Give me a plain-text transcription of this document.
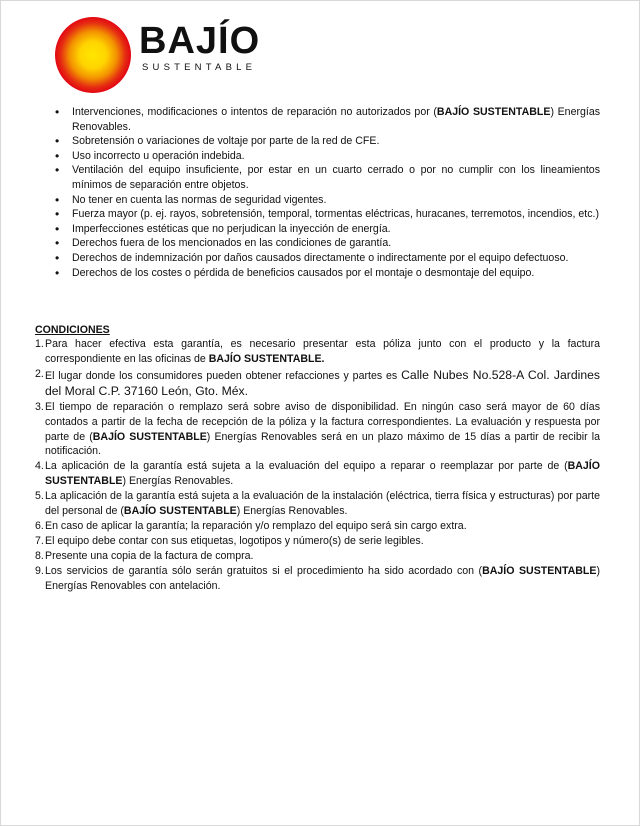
BAJÍO
SUSTENTABLE
• Intervenciones, modificaciones o intentos de reparación no autorizados por (BAJÍO SUSTENTABLE) Energías Renovables.
• Sobretensión o variaciones de voltaje por parte de la red de CFE.
• Uso incorrecto u operación indebida.
• Ventilación del equipo insuficiente, por estar en un cuarto cerrado o por no cumplir con los lineamientos mínimos de separación entre objetos.
• No tener en cuenta las normas de seguridad vigentes.
• Fuerza mayor (p. ej. rayos, sobretensión, temporal, tormentas eléctricas, huracanes, terremotos, incendios, etc.)
• Imperfecciones estéticas que no perjudican la inyección de energía.
• Derechos fuera de los mencionados en las condiciones de garantía.
• Derechos de indemnización por daños causados directamente o indirectamente por el equipo defectuoso.
• Derechos de los costes o pérdida de beneficios causados por el montaje o desmontaje del equipo.
CONDICIONES
1. Para hacer efectiva esta garantía, es necesario presentar esta póliza junto con el producto y la factura correspondiente en las oficinas de BAJÍO SUSTENTABLE.
2. El lugar donde los consumidores pueden obtener refacciones y partes es Calle Nubes No.528-A Col. Jardines del Moral C.P. 37160 León, Gto. Méx.
3. El tiempo de reparación o remplazo será sobre aviso de disponibilidad. En ningún caso será mayor de 60 días contados a partir de la fecha de recepción de la póliza y la factura correspondientes. La evaluación y respuesta por parte de (BAJÍO SUSTENTABLE) Energías Renovables será en un plazo máximo de 15 días a partir de recibir la notificación.
4. La aplicación de la garantía está sujeta a la evaluación del equipo a reparar o reemplazar por parte de (BAJÍO SUSTENTABLE) Energías Renovables.
5. La aplicación de la garantía está sujeta a la evaluación de la instalación (eléctrica, tierra física y estructuras) por parte del personal de (BAJÍO SUSTENTABLE) Energías Renovables.
6. En caso de aplicar la garantía; la reparación y/o remplazo del equipo será sin cargo extra.
7. El equipo debe contar con sus etiquetas, logotipos y número(s) de serie legibles.
8. Presente una copia de la factura de compra.
9. Los servicios de garantía sólo serán gratuitos si el procedimiento ha sido acordado con (BAJÍO SUSTENTABLE) Energías Renovables con antelación.
